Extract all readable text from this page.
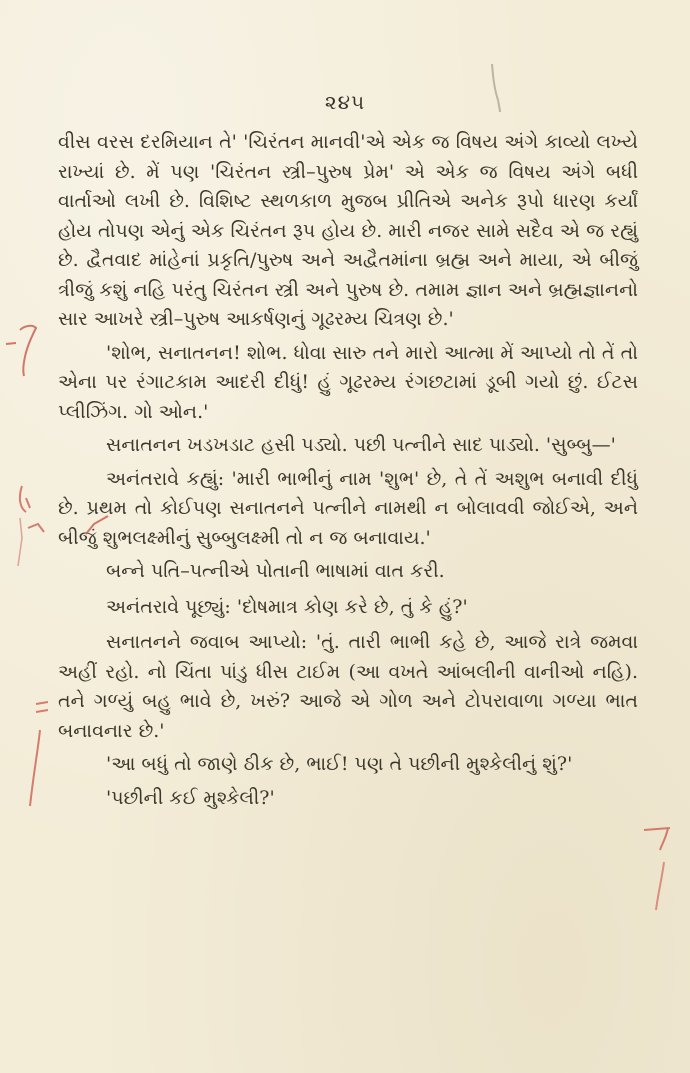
૨૪૫

વીસ વરસ દરમિયાન તે' 'ચિરંતન માનવી'એ એક જ વિષય અંગે કાવ્યો લખ્યે રાખ્યાં છે. મેં પણ 'ચિરંતન સ્ત્રી–પુરુષ પ્રેમ' એ એક જ વિષય અંગે બધી વાર્તાઓ લખી છે. વિશિષ્ટ સ્થળકાળ મુજબ પ્રીતિએ અનેક રૂપો ધારણ કર્યાં હોય તોપણ એનું એક ચિરંતન રૂપ હોય છે. મારી નજર સામે સદૈવ એ જ રહ્યું છે. દ્વૈતવાદ માંહેનાં પ્રકૃતિ/પુરુષ અને અદ્વૈતમાંના બ્રહ્મ અને માયા, એ બીજું ત્રીજું કશું નહિ પરંતુ ચિરંતન સ્ત્રી અને પુરુષ છે. તમામ જ્ઞાન અને બ્રહ્મજ્ઞાનનો સાર આખરે સ્ત્રી–પુરુષ આકર્ષણનું ગૂઢરમ્ય ચિત્રણ છે.'

'શોભ, સનાતનન! શોભ. ધોવા સારુ તને મારો આત્મા મેં આપ્યો તો તેં તો એના પર રંગાટકામ આદરી દીધું! હું ગૂઢરમ્ય રંગછટામાં ડૂબી ગયો છું. ઈટસ પ્લીઝિંગ. ગો ઓન.'

સનાતનન ખડખડાટ હસી પડ્યો. પછી પત્નીને સાદ પાડ્યો. 'સુબ્બુ—'

અનંતરાવે કહ્યું: 'મારી ભાભીનું નામ 'શુભ' છે, તે તેં અશુભ બનાવી દીધું છે. પ્રથમ તો કોઈપણ સનાતનને પત્નીને નામથી ન બોલાવવી જોઈએ, અને બીજું શુભલક્ષ્મીનું સુબ્બુલક્ષ્મી તો ન જ બનાવાય.'

બન્ને પતિ–પત્નીએ પોતાની ભાષામાં વાત કરી.

અનંતરાવે પૂછ્યું: 'દોષમાત્ર કોણ કરે છે, તું કે હું?'

સનાતનને જવાબ આપ્યો: 'તું. તારી ભાભી કહે છે, આજે રાત્રે જમવા અહીં રહો. નો ચિંતા પાંડુ ધીસ ટાઈમ (આ વખતે આંબલીની વાનીઓ નહિ). તને ગળ્યું બહુ ભાવે છે, ખરું? આજે એ ગોળ અને ટોપરાવાળા ગળ્યા ભાત બનાવનાર છે.'

'આ બધું તો જાણે ઠીક છે, ભાઈ! પણ તે પછીની મુશ્કેલીનું શું?'

'પછીની કઈ મુશ્કેલી?'
